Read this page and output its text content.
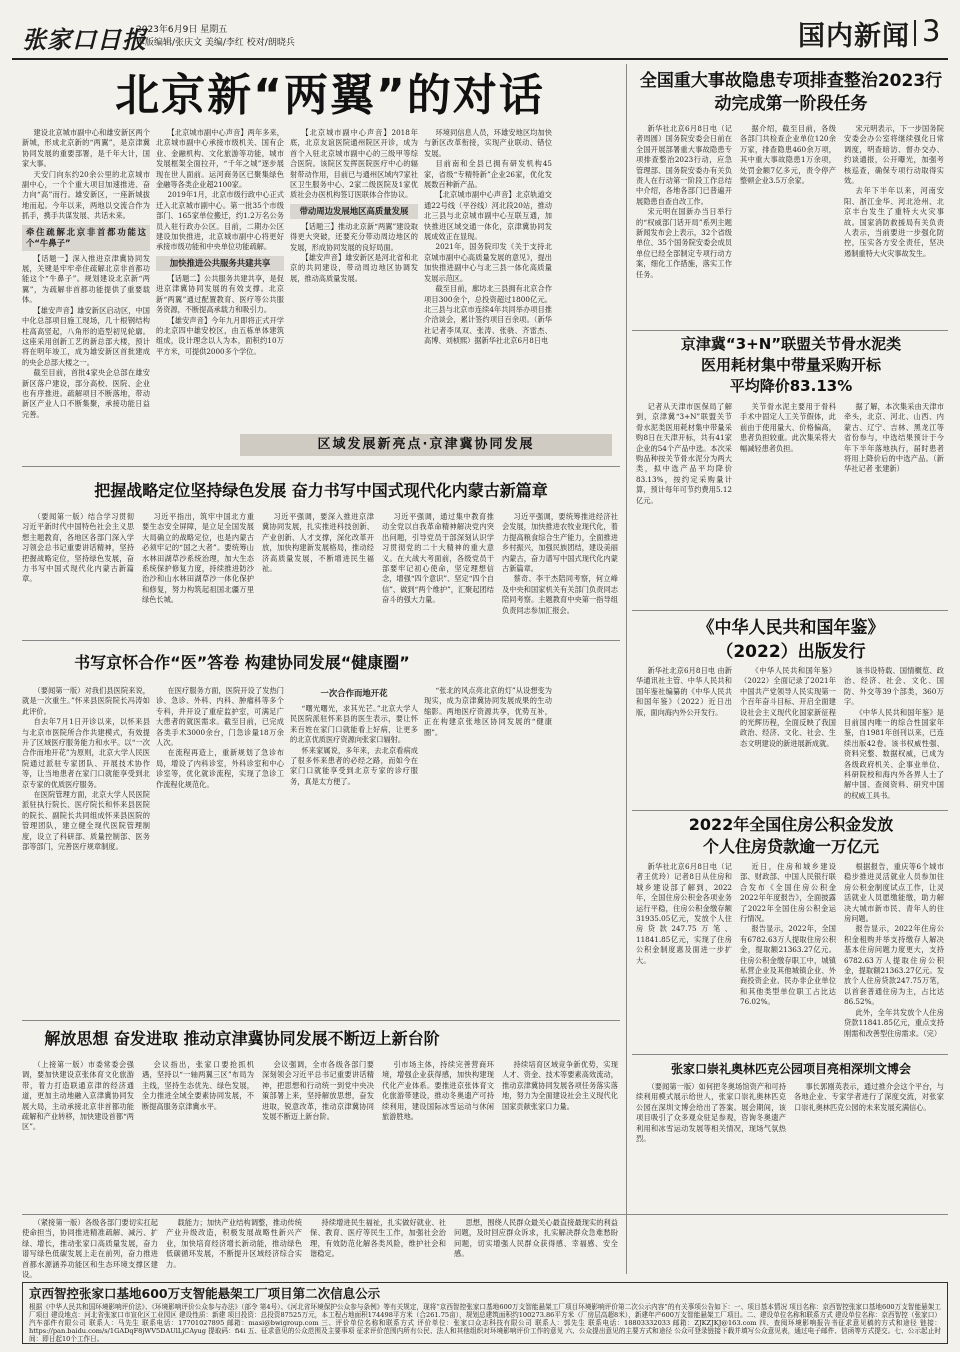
张家口日报
2023年6月9日 星期五
本版编辑/张庆文 美编/李红 校对/朗晓兵	国内新闻 3
北京新“两翼”的对话

建设北京城市副中心和雄安新区两个新城，形成北京新的“两翼”，是京津冀协同发展的重要部署，是千年大计，国家大事。

天安门向东约20余公里的北京城市副中心，一个个重大项目加速推进、奋力向“高”而行。雄安新区，一座新城拔地而起。今年以来，两地以交流合作为抓手，携手共谋发展、共话未来。

牵住疏解北京非首都功能这个“牛鼻子”

【话题一】深入推进京津冀协同发展，关键是牢牢牵住疏解北京非首都功能这个“牛鼻子”。规划建设北京新“两翼”，为疏解非首都功能提供了重要载体。

【雄安声音】雄安新区启动区，中国中化总部项目施工现场，几十根钢结构柱高高竖起，八角形的造型初见轮廓。这座采用创新工艺的新总部大楼，预计将在明年竣工，成为雄安新区首批建成的央企总部大楼之一。

截至目前，首批4家央企总部在雄安新区落户建设，部分高校、医院、企业也有序推进。疏解项目不断落地，带动新区产业人口不断集聚，承接功能日益完善。

【北京城市副中心声音】两年多来，北京城市副中心承接市级机关、国有企业、金融机构、文化旅游等功能，城市发展框架全面拉开，“千年之城”逐步展现在世人面前。运河商务区已聚集绿色金融等各类企业超2100家。

2019年1月，北京市级行政中心正式迁入北京城市副中心。第一批35个市级部门、165家单位搬迁，约1.2万名公务员入驻行政办公区。目前，二期办公区建设加快推进，北京城市副中心将更好承接市级功能和中央单位功能疏解。

加快推进公共服务共建共享

【话题二】公共服务共建共享，是促进京津冀协同发展的有效支撑。北京新“两翼”通过配置教育、医疗等公共服务资源，不断提高承载力和吸引力。

【雄安声音】今年九月即将正式开学的北京四中雄安校区，由五栋单体建筑组成，设计理念以人为本，面积约10万平方米，可提供2000多个学位。

【北京城市副中心声音】2018年底，北京友谊医院通州院区开诊，成为首个入驻北京城市副中心的三级甲等综合医院。该院区发挥医院医疗中心的辐射带动作用，目前已与通州区域内7家社区卫生服务中心、2家二级医院及1家优质社会办医机构签订医联体合作协议。

带动周边发展地区高质量发展

【话题三】推动北京新“两翼”建设取得更大突破，还要充分带动周边地区的发展，形成协同发展的良好局面。

【雄安声音】雄安新区是河北省和北京的共同建设，带动周边地区协调发展，推动高质量发展。

环境同信息人员，环雄安地区均加快与新区改革衔接，实现产业联动、错位发展。

目前南和全县已拥有研发机构45家，省级“专精特新”企业26家，优化发展数百种新产品。

【北京城市副中心声音】北京轨道交通22号线（平谷线）河北段20站，推动北三县与北京城市副中心互联互通，加快推进区域交通一体化，京津冀协同发展成效正在显现。

2021年，国务院印发《关于支持北京城市副中心高质量发展的意见》，提出加快推进副中心与北三县一体化高质量发展示范区。

截至目前，廊坊北三县拥有北京合作项目300余个，总投资超过1800亿元。北三县与北京市连续4年共同举办项目推介洽谈会，累计签约项目百余项。（新华社记者李凤双、张涛、张骁、齐雷杰、高博、刘桢熙）据新华社北京6月8日电

区域发展新亮点·京津冀协同发展
全国重大事故隐患专项排查整治2023行动完成第一阶段任务

新华社北京6月8日电（记者周圆）国务院安委会日前在全国开展部署重大事故隐患专项排查整治2023行动，应急管理部、国务院安委办有关负责人在行动第一阶段工作总结中介绍，各地各部门已普遍开展隐患自查自改工作。

宋元明在国新办当日举行的“权威部门话开局”系列主题新闻发布会上表示，32个省级单位、35个国务院安委会成员单位已经全部制定专项行动方案，细化工作措施，落实工作任务。

据介绍，截至目前，各级各部门共检查企业单位120余万家，排查隐患460余万项，其中重大事故隐患1万余项，处罚金额7亿多元，责令停产整顿企业3.5万余家。

宋元明表示，下一步国务院安委会办公室将继续强化日常调度，明查暗访、督办交办、约谈通报，公开曝光，加强考核巡查，确保专项行动取得实效。

去年下半年以来，河南安阳、浙江金华、河北沧州、北京丰台发生了重特大火灾事故。国家消防救援局有关负责人表示，当前要进一步强化防控，压实各方安全责任，坚决遏制重特大火灾事故发生。

京津冀“3+N”联盟关节骨水泥类
医用耗材集中带量采购开标
平均降价83.13%

记者从天津市医保局了解到，京津冀“3+N”联盟关节骨水泥类医用耗材集中带量采购8日在天津开标，共有41家企业的54个产品中选。本次采购品种按关节骨水泥分为两大类，拟中选产品平均降价83.13%，按约定采购量计算，预计每年可节约费用5.12亿元。

关节骨水泥主要用于骨科手术中固定人工关节假体，此前由于使用量大、价格偏高，患者负担较重。此次集采将大幅减轻患者负担。

据了解，本次集采由天津市牵头，北京、河北、山西、内蒙古、辽宁、吉林、黑龙江等省份参与，中选结果预计于今年下半年落地执行，届时患者将用上降价后的中选产品。（新华社记者 张建新）

把握战略定位坚持绿色发展 奋力书写中国式现代化内蒙古新篇章

（要闻第一版）结合学习贯彻习近平新时代中国特色社会主义思想主题教育，各地区各部门深入学习领会总书记重要讲话精神，坚持把握战略定位，坚持绿色发展，奋力书写中国式现代化内蒙古新篇章。

习近平指出，筑牢中国北方重要生态安全屏障，是立足全国发展大局确立的战略定位，也是内蒙古必须牢记的“国之大者”。要统筹山水林田湖草沙系统治理，加大生态系统保护修复力度，持续推进防沙治沙和山水林田湖草沙一体化保护和修复，努力构筑起祖国北疆万里绿色长城。

习近平强调，要深入推进京津冀协同发展，扎实推进科技创新、产业创新、人才支撑，深化改革开放，加快构建新发展格局，推动经济高质量发展，不断增进民生福祉。

习近平强调，通过集中教育推动全党以自我革命精神解决党内突出问题，引导党员干部深刻认识学习贯彻党的二十大精神的重大意义。在大战大考面前，各级党员干部要牢记初心使命，坚定理想信念，增强“四个意识”、坚定“四个自信”、做到“两个维护”，汇聚起团结奋斗的强大力量。

习近平强调，要统筹推进经济社会发展，加快推进农牧业现代化，着力提高粮食综合生产能力，全面推进乡村振兴，加强民族团结，建设美丽内蒙古，奋力谱写中国式现代化内蒙古新篇章。

蔡奇、李干杰陪同考察，何立峰及中央和国家机关有关部门负责同志陪同考察。主题教育中央第一指导组负责同志参加汇报会。

《中华人民共和国年鉴》
（2022）出版发行

新华社北京6月8日电 由新华通讯社主管、中华人民共和国年鉴社编纂的《中华人民共和国年鉴》（2022）近日出版，面向海内外公开发行。

《中华人民共和国年鉴》（2022）全面记录了2021年中国共产党领导人民实现第一个百年奋斗目标、开启全面建设社会主义现代化国家新征程的光辉历程，全面反映了我国政治、经济、文化、社会、生态文明建设的新进展新成就。

该书设特载、国情概览、政治、经济、社会、文化、国防、外交等39个部类，360万字。

《中华人民共和国年鉴》是目前国内唯一的综合性国家年鉴，自1981年创刊以来，已连续出版42卷。该书权威性强、资料完整、数据权威，已成为各级政府机关、企事业单位、科研院校和海内外各界人士了解中国、查阅资料、研究中国的权威工具书。

书写京怀合作“医”答卷 构建协同发展“健康圈”

（要闻第一版）对我们县医院来说，就是一次重生。”怀来县医院院长冯涛如此评价。

自去年7月1日开诊以来，以怀来县与北京市医院所合作共建模式，有效提升了区域医疗服务能力和水平。以“一次合作而地开花”为原则，北京大学人民医院通过派驻专家团队、开展技术协作等，让当地患者在家门口就能享受到北京专家的优质医疗服务。

在医院管理方面，北京大学人民医院派驻执行院长、医疗院长和怀来县医院的院长、副院长共同组成怀来县医院的管理团队，建立健全现代医院管理制度，设立了科研部、质量控制部、医务部等部门，完善医疗规章制度。

在医疗服务方面，医院开设了发热门诊、急诊、外科、内科、肿瘤科等多个专科，并开设了重症监护室，可满足广大患者的就医需求。截至目前，已完成各类手术3000余台，门急诊量18万余人次。

在流程再造上，重新规划了急诊布局，增设了内科诊室，外科诊室和中心诊室等，优化就诊流程，实现了急诊工作流程化规范化。

一次合作而地开花

“曙光曙光，求其光芒。”北京大学人民医院派驻怀来县的医生表示，要让怀来百姓在家门口就能看上好病，让更多的北京优质医疗资源向张家口辐射。

怀来家属说，多年来，去北京看病成了很多怀来患者的必经之路，而如今在家门口就能享受到北京专家的诊疗服务，真是太方便了。

“张北的风点亮北京的灯”从设想变为现实，成为京津冀协同发展成果的生动缩影。两地医疗资源共享，优势互补，正在构建京张地区协同发展的“健康圈”。

2022年全国住房公积金发放
个人住房贷款逾一万亿元

新华社北京6月8日电（记者王优玲）记者8日从住房和城乡建设部了解到，2022年，全国住房公积金各项业务运行平稳，住房公积金缴存额31935.05亿元，发放个人住房贷款247.75万笔、11841.85亿元，实现了住房公积金制度惠及面进一步扩大。

近日，住房和城乡建设部、财政部、中国人民银行联合发布《全国住房公积金2022年年度报告》，全面披露了2022年全国住房公积金运行情况。

报告显示，2022年，全国有6782.63万人提取住房公积金，提取额21363.27亿元。住房公积金缴存职工中，城镇私营企业及其他城镇企业、外商投资企业、民办非企业单位和其他类型单位职工占比达76.02%。

根据报告，重庆等6个城市稳步推进灵活就业人员参加住房公积金制度试点工作，让灵活就业人员愿缴能缴，助力解决大城市新市民、青年人的住房问题。

报告显示，2022年住房公积金租购并举支持缴存人解决基本住房问题力度更大，支持6782.63万人提取住房公积金，提取额21363.27亿元。发放个人住房贷款247.75万笔，以首套普通住房为主，占比达86.52%。

此外，全年共发放个人住房贷款11841.85亿元，重点支持刚需和改善型住房需求。（完）

解放思想 奋发进取 推动京津冀协同发展不断迈上新台阶

（上接第一版）市委常委会强调，要加快建设京张体育文化旅游带，着力打造联通京津的经济通道，更加主动地融入京津冀协同发展大局，主动承接北京非首都功能疏解和产业转移，加快建设首都“两区”。

会议指出，张家口要抢抓机遇，坚持以“一轴两翼三区”布局为主线，坚持生态优先、绿色发展，全力推进全域全要素协同发展，不断提高服务京津冀水平。

会议强调，全市各级各部门要深刻领会习近平总书记重要讲话精神，把思想和行动统一到党中央决策部署上来，坚持解放思想，奋发进取，锐意改革，推动京津冀协同发展不断迈上新台阶。

引市场主体，持续完善营商环境，增强企业获得感，加快构建现代化产业体系。要推进京张体育文化旅游带建设，推动冬奥遗产可持续利用，建设国际冰雪运动与休闲旅游胜地。

持续培育区域竞争新优势，实现人才、资金、技术等要素高效流动，推动京津冀协同发展各项任务落实落地，努力为全面建设社会主义现代化国家贡献张家口力量。

张家口崇礼奥林匹克公园项目亮相深圳文博会

（要闻第一版）如何把冬奥场馆资产和可持续利用模式展示给世人，张家口崇礼奥林匹克公园在深圳文博会给出了答案。展会期间，该项目吸引了众多观众驻足参观，咨询冬奥遗产利用和冰雪运动发展等相关情况，现场气氛热烈。

事长郭刚英表示，通过推介会这个平台，与各地企业、专家学者进行了深度交流，对张家口崇礼奥林匹克公园的未来发展充满信心。

（紧接第一版）各级各部门要切实扛起使命担当，协同推进精准疏解、减污、扩绿、增长，推动张家口高质量发展，奋力谱写绿色低碳发展上走在前列，奋力推进首都水源涵养功能区和生态环境支撑区建设。

载能力；加快产业结构调整，推动传统产业升级改造，积极发展战略性新兴产业，加快培育经济增长新动能，推动绿色低碳循环发展，不断提升区域经济综合实力。

持续增进民生福祉，扎实做好就业、社保、教育、医疗等民生工作，加强社会治理，有效防范化解各类风险，维护社会和谐稳定。

思想，围绕人民群众最关心最直接最现实的利益问题，及时回应群众诉求，扎实解决群众急难愁盼问题，切实增强人民群众获得感、幸福感、安全感。

京西智控张家口基地600万支智能悬架工厂项目第二次信息公示
根据《中华人民共和国环境影响评价法》、《环境影响评价公众参与办法》（部令 第4号）、《河北省环境保护公众参与条例》等有关规定，现将“京西智控张家口基地600万支智能悬架工厂项目环境影响评价第二次公示内容”的有关事项公告如下：一、项目基本情况 项目名称：京西智控张家口基地600万支智能悬架工厂项目 建设地点：河北省张家口市宣化区工业园区 建设性质：新建 项目投资：总投资87525万元，本工程占地面积174498平方米（合261.75亩），规划总建筑面积约100273.86平方米（厂房层高超8米），新建年产600万支智能悬架工厂项目。二、建设单位名称和联系方式 建设单位名称：京西智控（张家口）汽车部件有限公司 联系人：马先生 联系电话：17701027895 邮箱：masi@bwigroup.com 三、评价单位名称和联系方式 评价单位：张家口众志科技有限公司 联系人：郭先生 联系电话：18803332033 邮箱：ZJKZJKJ@163.com 四、查阅环境影响报告书征求意见稿的方式和途径 链接：https://pan.baidu.com/s/1GADqF8jWV5DAUlLjCAyug 提取码：fi4i 五、征求意见的公众范围及主要事项 征求评价范围内所有公民、法人和其他组织对环境影响评价工作的意见 六、公众提出意见的主要方式和途径 公众可登录链接下载并填写公众意见表，通过电子邮件、信函等方式提交。七、公示起止时间：即日起10个工作日。
